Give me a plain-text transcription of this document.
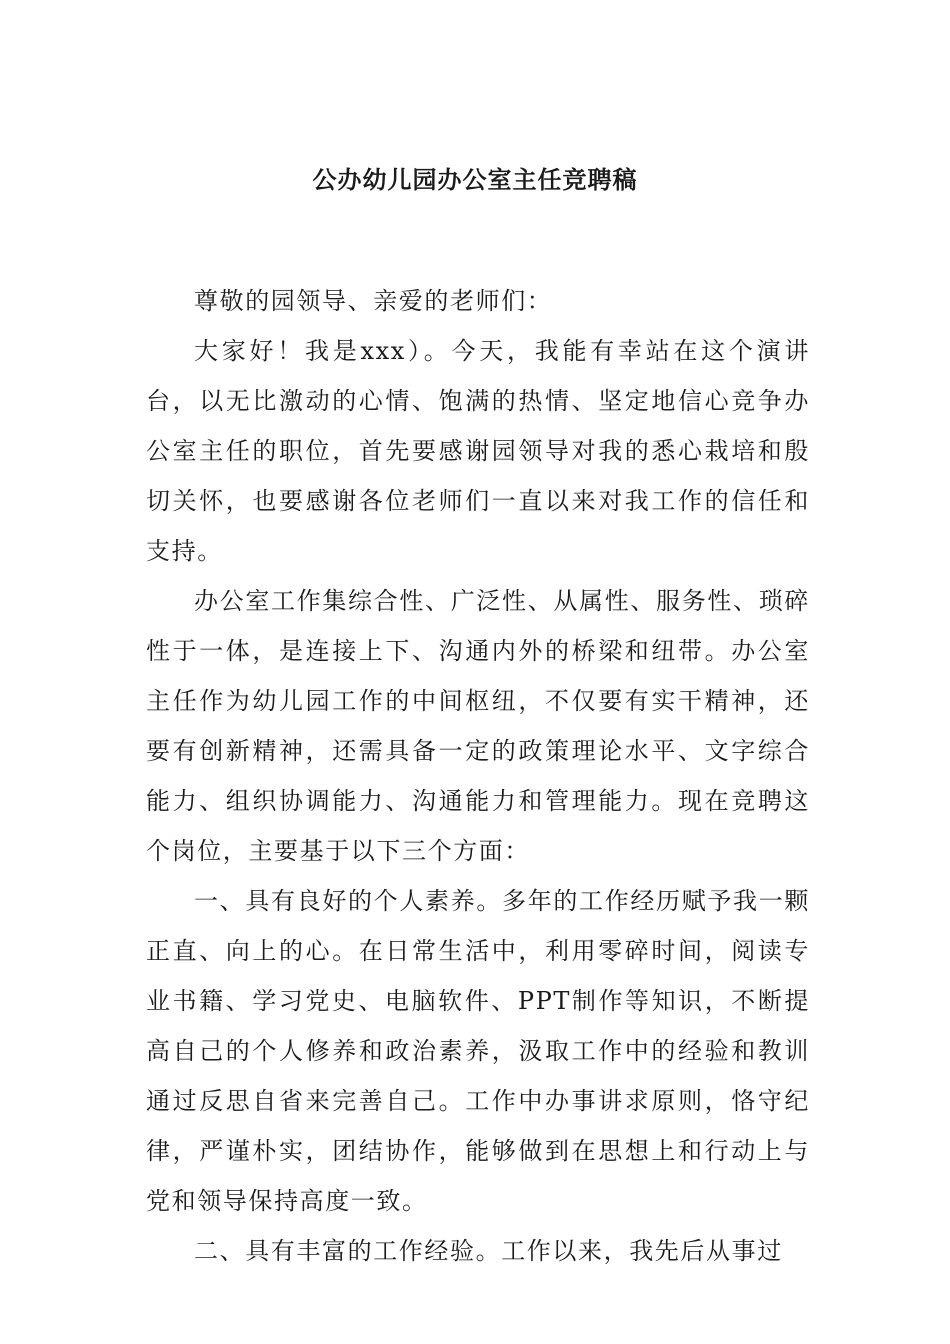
公办幼儿园办公室主任竞聘稿

尊敬的园领导、亲爱的老师们：

大家好！我是xxx）。今天，我能有幸站在这个演讲台，以无比激动的心情、饱满的热情、坚定地信心竞争办公室主任的职位，首先要感谢园领导对我的悉心栽培和殷切关怀，也要感谢各位老师们一直以来对我工作的信任和支持。

办公室工作集综合性、广泛性、从属性、服务性、琐碎性于一体，是连接上下、沟通内外的桥梁和纽带。办公室主任作为幼儿园工作的中间枢纽，不仅要有实干精神，还要有创新精神，还需具备一定的政策理论水平、文字综合能力、组织协调能力、沟通能力和管理能力。现在竞聘这个岗位，主要基于以下三个方面：

一、具有良好的个人素养。多年的工作经历赋予我一颗正直、向上的心。在日常生活中，利用零碎时间，阅读专业书籍、学习党史、电脑软件、PPT制作等知识，不断提高自己的个人修养和政治素养，汲取工作中的经验和教训通过反思自省来完善自己。工作中办事讲求原则，恪守纪律，严谨朴实，团结协作，能够做到在思想上和行动上与党和领导保持高度一致。

二、具有丰富的工作经验。工作以来，我先后从事过
